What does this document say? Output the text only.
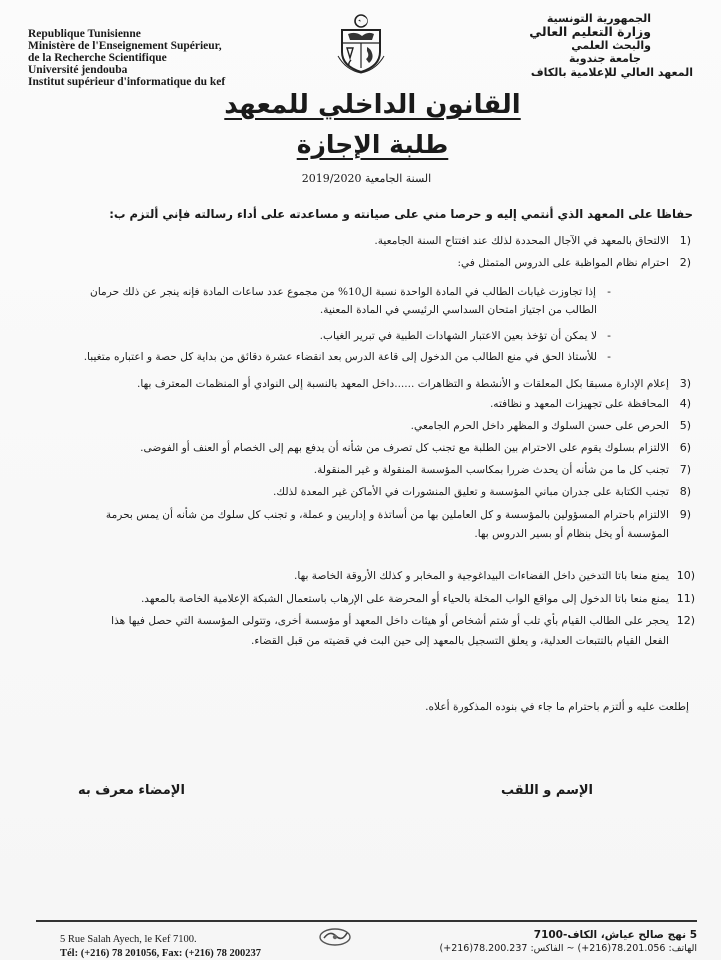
Republique Tunisienne
Ministère de l'Enseignement Supérieur,
de la Recherche Scientifique
Université jendouba
Institut supérieur d'informatique du kef
الجمهورية التونسية
وزارة التعليم العالي
والبحث العلمي
جامعة جندوبة
المعهد العالي للإعلامية بالكاف
القانون الداخلي للمعهد
طلبة الإجازة
السنة الجامعية 2019/2020
حفاظا على المعهد الذي أنتمي إليه و حرصا مني على صيانته و مساعدته على أداء رسالته فإني ألتزم ب:
1)
الالتحاق بالمعهد في الآجال المحددة لذلك عند افتتاح السنة الجامعية.
2)
احترام نظام المواظبة على الدروس المتمثل في:
-
إذا تجاوزت غيابات الطالب في المادة الواحدة نسبة ال10% من مجموع عدد ساعات المادة فإنه ينجر عن ذلك حرمان
الطالب من اجتياز امتحان السداسي الرئيسي في المادة المعنية.
-
لا يمكن أن تؤخذ بعين الاعتبار الشهادات الطبية في تبرير الغياب.
-
للأستاذ الحق في منع الطالب من الدخول إلى قاعة الدرس بعد انقضاء عشرة دقائق من بداية كل حصة و اعتباره متغيبا.
3)
إعلام الإدارة مسبقا بكل المعلقات و الأنشطة و التظاهرات ......داخل المعهد بالنسبة إلى النوادي أو المنظمات المعترف بها.
4)
المحافظة على تجهيزات المعهد و نظافته.
5)
الحرص على حسن السلوك و المظهر داخل الحرم الجامعي.
6)
الالتزام بسلوك يقوم على الاحترام بين الطلبة مع تجنب كل تصرف من شأنه أن يدفع بهم إلى الخصام أو العنف أو الفوضى.
7)
تجنب كل ما من شأنه أن يحدث ضررا بمكاسب المؤسسة المنقولة و غير المنقولة.
8)
تجنب الكتابة على جدران مباني المؤسسة و تعليق المنشورات في الأماكن غير المعدة لذلك.
9)
الالتزام باحترام المسؤولين بالمؤسسة و كل العاملين بها من أساتذة و إداريين و عملة، و تجنب كل سلوك من شأنه أن يمس بحرمة
المؤسسة أو يخل بنظام أو بسير الدروس بها.
10)
يمنع منعا باتا التدخين داخل الفضاءات البيداغوجية و المخابر و كذلك الأروقة الخاصة بها.
11)
يمنع منعا باتا الدخول إلى مواقع الواب المخلة بالحياء أو المحرضة على الإرهاب باستعمال الشبكة الإعلامية الخاصة بالمعهد.
12)
يحجر على الطالب القيام بأي تلب أو شتم أشخاص أو هيئات داخل المعهد أو مؤسسة أخرى، وتتولى المؤسسة التي حصل فيها هذا
الفعل القيام بالتتبعات العدلية، و يعلق التسجيل بالمعهد إلى حين البت في قضيته من قبل القضاء.
إطلعت عليه و ألتزم باحترام ما جاء في بنوده المذكورة أعلاه.
الإسم و اللقب
الإمضاء معرف به
5 Rue Salah Ayech, le Kef 7100.
Tél: (+216) 78 201056, Fax: (+216) 78 200237
5 نهج صالح عياش، الكاف-7100
الهاتف: 78.201.056(216+) ~ الفاكس: 78.200.237(216+)
